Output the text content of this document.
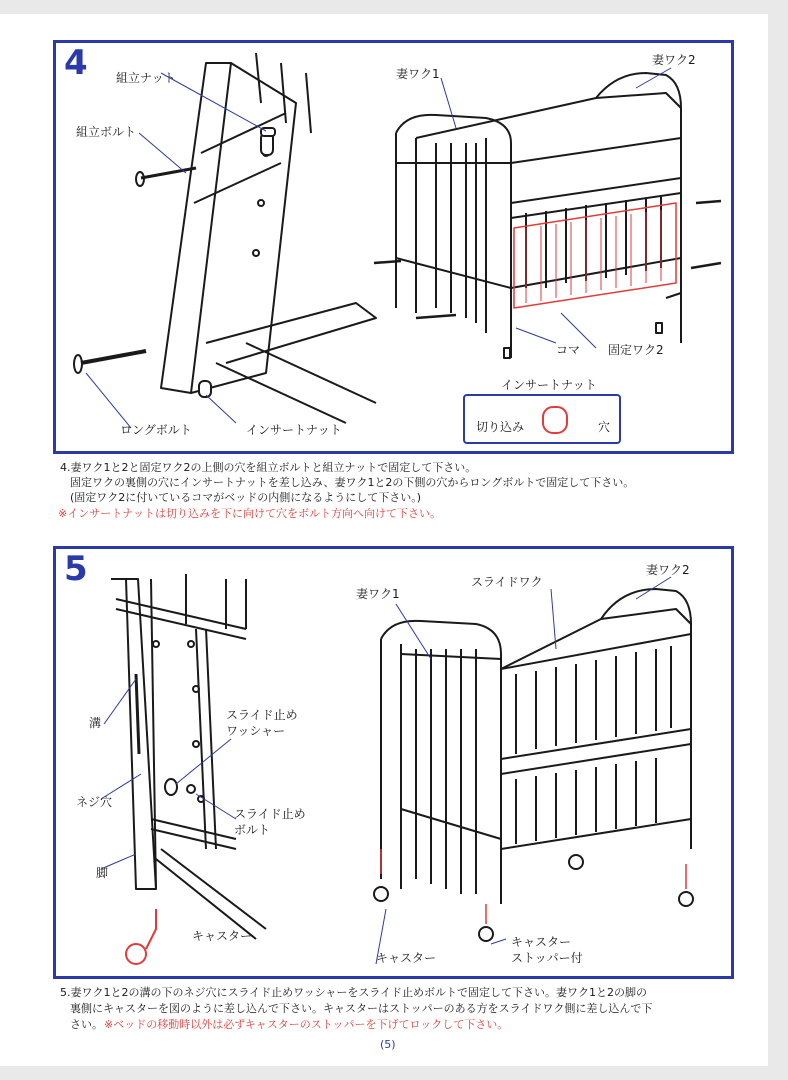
4 組立ナット
組立ボルト
ロングボルト	インサートナット
妻ワク1
妻ワク2
コマ 固定ワク2
インサートナット
切り込み	穴
4.妻ワク1と2と固定ワク2の上側の穴を組立ボルトと組立ナットで固定して下さい。
固定ワクの裏側の穴にインサートナットを差し込み、妻ワク1と2の下側の穴からロングボルトで固定して下さい。
(固定ワク2に付いているコマがベッドの内側になるようにして下さい。)
※インサートナットは切り込みを下に向けて穴をボルト方向へ向けて下さい。
5
溝
ネジ穴
脚
スライド止め
ワッシャー
スライド止め
ボルト
キャスター
妻ワク1
スライドワク
妻ワク2
キャスター
キャスター
ストッパー付
5.妻ワク1と2の溝の下のネジ穴にスライド止めワッシャーをスライド止めボルトで固定して下さい。妻ワク1と2の脚の
裏側にキャスターを図のように差し込んで下さい。キャスターはストッパーのある方をスライドワク側に差し込んで下
さい。 ※ベッドの移動時以外は必ずキャスターのストッパーを下げてロックして下さい。
(5)
